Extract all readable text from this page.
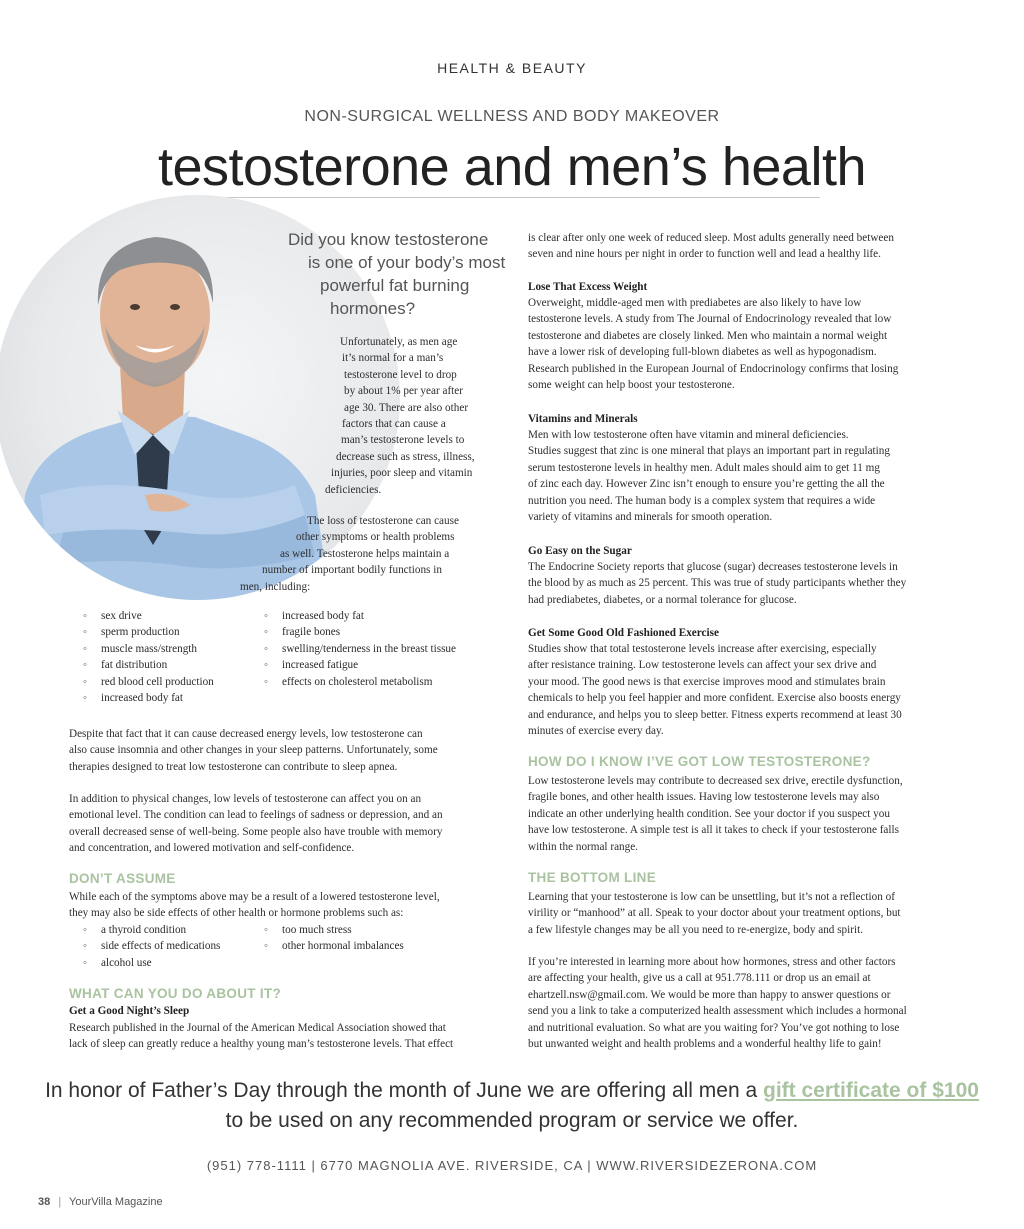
HEALTH & BEAUTY
NON-SURGICAL WELLNESS AND BODY MAKEOVER
testosterone and men’s health
Did you know testosterone
is one of your body’s most
powerful fat burning
hormones?
Unfortunately, as men age
it’s normal for a man’s
testosterone level to drop
by about 1% per year after
age 30. There are also other
factors that can cause a
man’s testosterone levels to
decrease such as stress, illness,
injuries, poor sleep and vitamin
deficiencies.
The loss of testosterone can cause
other symptoms or health problems
as well. Testosterone helps maintain a
number of important bodily functions in
men, including:
◦ sex drive
◦ sperm production
◦ muscle mass/strength
◦ fat distribution
◦ red blood cell production
◦ increased body fat
◦ increased body fat
◦ fragile bones
◦ swelling/tenderness in the breast tissue
◦ increased fatigue
◦ effects on cholesterol metabolism
Despite that fact that it can cause decreased energy levels, low testosterone can
also cause insomnia and other changes in your sleep patterns. Unfortunately, some
therapies designed to treat low testosterone can contribute to sleep apnea.
In addition to physical changes, low levels of testosterone can affect you on an
emotional level. The condition can lead to feelings of sadness or depression, and an
overall decreased sense of well-being. Some people also have trouble with memory
and concentration, and lowered motivation and self-confidence.
DON’T ASSUME
While each of the symptoms above may be a result of a lowered testosterone level,
they may also be side effects of other health or hormone problems such as:
◦ a thyroid condition
◦ side effects of medications
◦ alcohol use
◦ too much stress
◦ other hormonal imbalances
WHAT CAN YOU DO ABOUT IT?
Get a Good Night’s Sleep
Research published in the Journal of the American Medical Association showed that
lack of sleep can greatly reduce a healthy young man’s testosterone levels. That effect
is clear after only one week of reduced sleep. Most adults generally need between
seven and nine hours per night in order to function well and lead a healthy life.
Lose That Excess Weight
Overweight, middle-aged men with prediabetes are also likely to have low
testosterone levels. A study from The Journal of Endocrinology revealed that low
testosterone and diabetes are closely linked. Men who maintain a normal weight
have a lower risk of developing full-blown diabetes as well as hypogonadism.
Research published in the European Journal of Endocrinology confirms that losing
some weight can help boost your testosterone.
Vitamins and Minerals
Men with low testosterone often have vitamin and mineral deficiencies.
Studies suggest that zinc is one mineral that plays an important part in regulating
serum testosterone levels in healthy men. Adult males should aim to get 11 mg
of zinc each day. However Zinc isn’t enough to ensure you’re getting the all the
nutrition you need. The human body is a complex system that requires a wide
variety of vitamins and minerals for smooth operation.
Go Easy on the Sugar
The Endocrine Society reports that glucose (sugar) decreases testosterone levels in
the blood by as much as 25 percent. This was true of study participants whether they
had prediabetes, diabetes, or a normal tolerance for glucose.
Get Some Good Old Fashioned Exercise
Studies show that total testosterone levels increase after exercising, especially
after resistance training. Low testosterone levels can affect your sex drive and
your mood. The good news is that exercise improves mood and stimulates brain
chemicals to help you feel happier and more confident. Exercise also boosts energy
and endurance, and helps you to sleep better. Fitness experts recommend at least 30
minutes of exercise every day.
HOW DO I KNOW I’VE GOT LOW TESTOSTERONE?
Low testosterone levels may contribute to decreased sex drive, erectile dysfunction,
fragile bones, and other health issues. Having low testosterone levels may also
indicate an other underlying health condition. See your doctor if you suspect you
have low testosterone. A simple test is all it takes to check if your testosterone falls
within the normal range.
THE BOTTOM LINE
Learning that your testosterone is low can be unsettling, but it’s not a reflection of
virility or “manhood” at all. Speak to your doctor about your treatment options, but
a few lifestyle changes may be all you need to re-energize, body and spirit.
If you’re interested in learning more about how hormones, stress and other factors
are affecting your health, give us a call at 951.778.111 or drop us an email at
ehartzell.nsw@gmail.com. We would be more than happy to answer questions or
send you a link to take a computerized health assessment which includes a hormonal
and nutritional evaluation. So what are you waiting for? You’ve got nothing to lose
but unwanted weight and health problems and a wonderful healthy life to gain!
In honor of Father’s Day through the month of June we are offering all men a gift certificate of $100
to be used on any recommended program or service we offer.
(951) 778-1111 | 6770 MAGNOLIA AVE. RIVERSIDE, CA | WWW.RIVERSIDEZERONA.COM
38 | YourVilla Magazine
